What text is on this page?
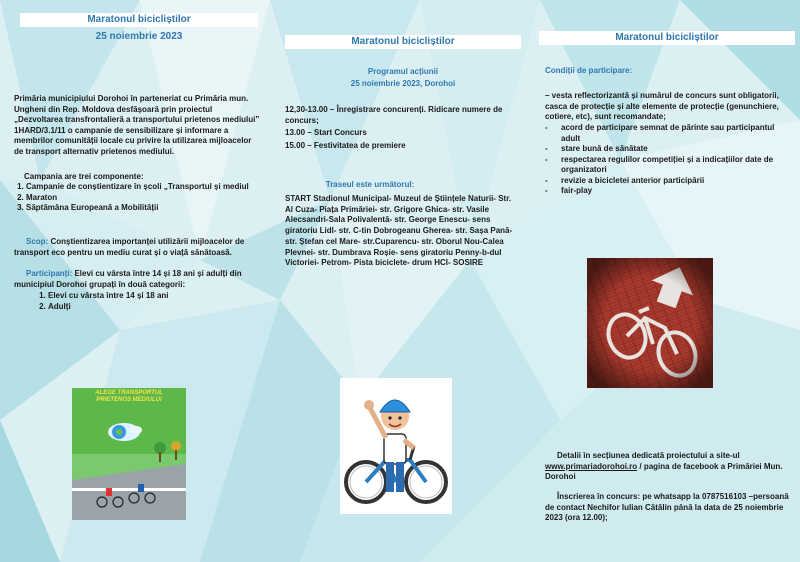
Maratonul bicicliștilor
25 noiembrie 2023
Primăria municipiului Dorohoi în parteneriat cu Primăria mun. Ungheni din Rep. Moldova desfășoară prin proiectul „Dezvoltarea transfrontalieră a transportului prietenos mediului” 1HARD/3.1/11 o campanie de sensibilizare și informare a membrilor comunității locale cu privire la utilizarea mijloacelor de transport alternativ prietenos mediului.
Campania are trei componente:
1. Campanie de conștientizare în școli „Transportul și mediul
2. Maraton
3. Săptămâna Europeană a Mobilității
Scop: Conștientizarea importanței utilizării mijloacelor de transport eco pentru un mediu curat și o viață sănătoasă.
Participanți: Elevi cu vârsta între 14 și 18 ani și adulți din municipiul Dorohoi grupați în două categorii:
1. Elevi cu vârsta între 14 și 18 ani
2. Adulți
ALEGE TRANSPORTUL PRIETENOS MEDIULUI
Maratonul bicicliștilor
Programul acțiunii
25 noiembrie 2023, Dorohoi
12,30-13.00 – Înregistrare concurenți. Ridicare numere de concurs;
13.00 – Start Concurs
15.00 – Festivitatea de premiere
Traseul este următorul:
START Stadionul Municipal- Muzeul de Științele Naturii- Str. Al Cuza- Piața Primăriei- str. Grigore Ghica- str. Vasile Alecsandri-Sala Polivalentă- str. George Enescu- sens giratoriu Lidl- str. C-tin Dobrogeanu Gherea- str. Sașa Pană- str. Ștefan cel Mare- str.Cuparencu- str. Oborul Nou-Calea Plevnei- str. Dumbrava Roșie- sens giratoriu Penny-b-dul Victoriei- Petrom- Pista biciclete- drum HCI- SOSIRE
Maratonul bicicliștilor
Condiții de participare:
– vesta reflectorizantă și numărul de concurs sunt obligatorii, casca de protecție și alte elemente de protecție (genunchiere, cotiere, etc), sunt recomandate;
- acord de participare semnat de părinte sau participantul adult
- stare bună de sănătate
- respectarea regulilor competiției și a indicațiilor date de organizatori
- revizie a bicicletei anterior participării
- fair-play
Detalii în secțiunea dedicată proiectului a site-ul www.primariadorohoi.ro / pagina de facebook a Primăriei Mun. Dorohoi
Înscrierea în concurs: pe whatsapp la 0787516103 –persoană de contact Nechifor Iulian Cătălin până la data de 25 noiembrie 2023 (ora 12.00);
